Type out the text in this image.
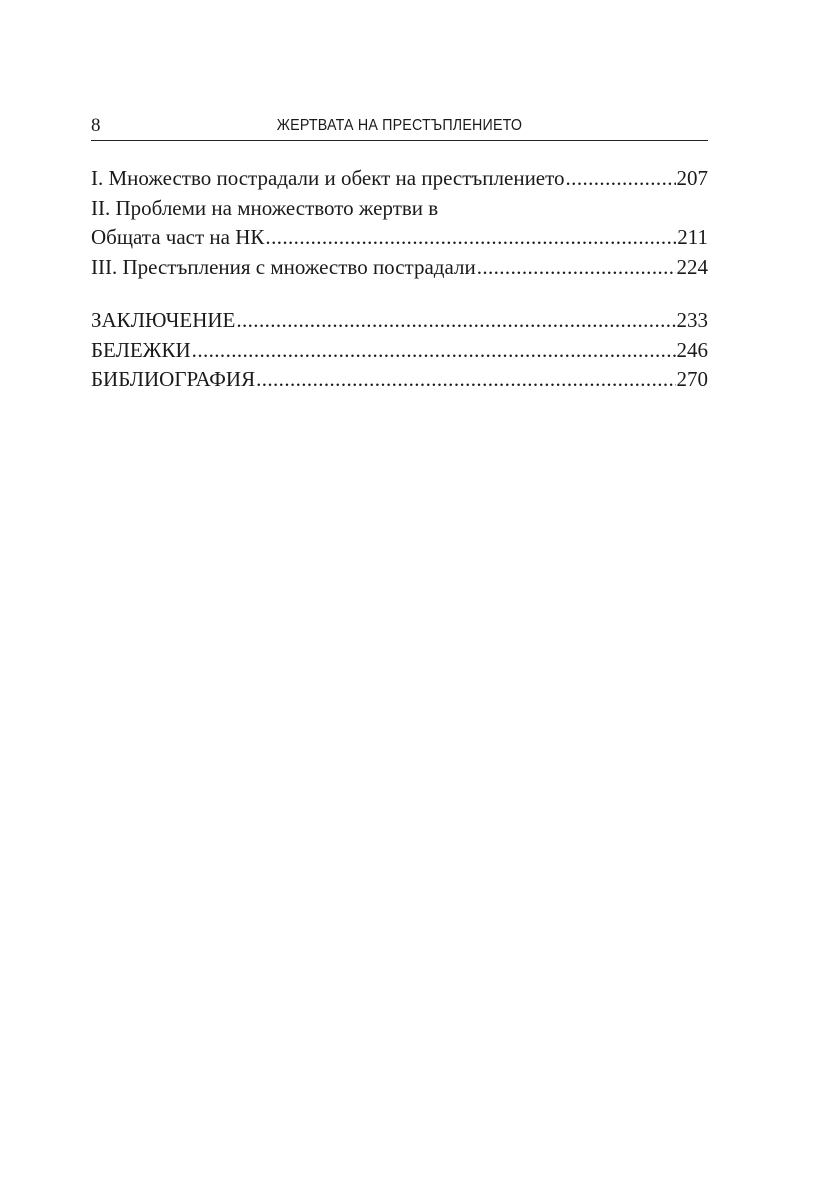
8	ЖЕРТВАТА НА ПРЕСТЪПЛЕНИЕТО
I. Множество пострадали и обект на престъплението .....	207
II. Проблеми на множеството жертви в
Общата част на НК .....	211
III. Престъпления с множество пострадали .....	224
ЗАКЛЮЧЕНИЕ .....	233
БЕЛЕЖКИ .....	246
БИБЛИОГРАФИЯ .....	270
